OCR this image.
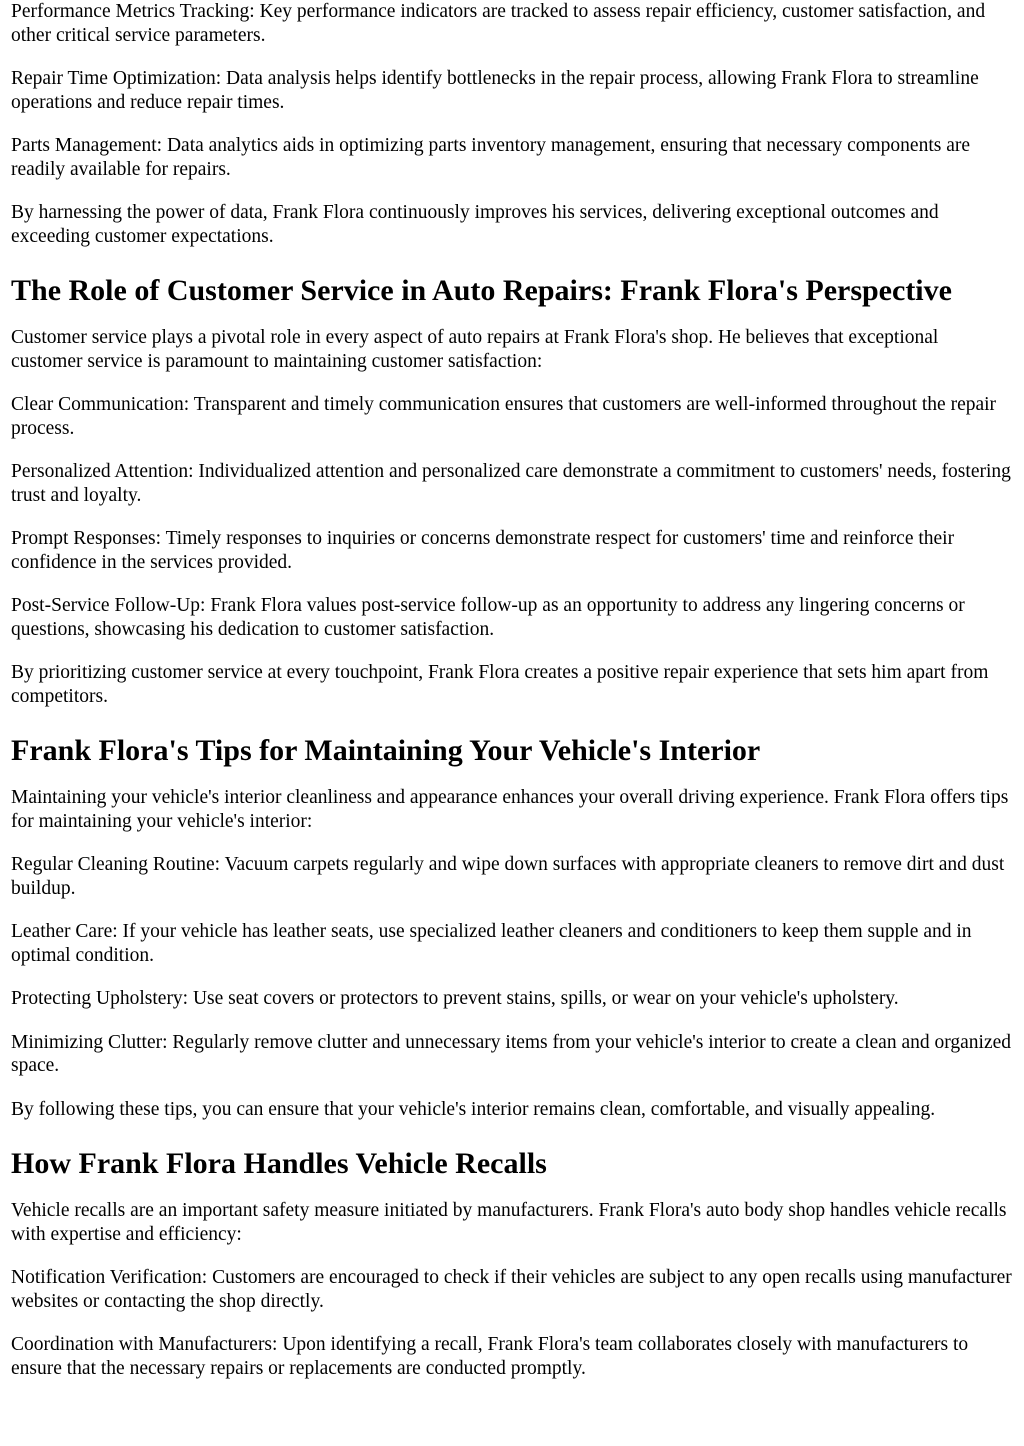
Performance Metrics Tracking: Key performance indicators are tracked to assess repair efficiency, customer satisfaction, and other critical service parameters.

Repair Time Optimization: Data analysis helps identify bottlenecks in the repair process, allowing Frank Flora to streamline operations and reduce repair times.

Parts Management: Data analytics aids in optimizing parts inventory management, ensuring that necessary components are readily available for repairs.

By harnessing the power of data, Frank Flora continuously improves his services, delivering exceptional outcomes and exceeding customer expectations.

The Role of Customer Service in Auto Repairs: Frank Flora's Perspective

Customer service plays a pivotal role in every aspect of auto repairs at Frank Flora's shop. He believes that exceptional customer service is paramount to maintaining customer satisfaction:

Clear Communication: Transparent and timely communication ensures that customers are well-informed throughout the repair process.

Personalized Attention: Individualized attention and personalized care demonstrate a commitment to customers' needs, fostering trust and loyalty.

Prompt Responses: Timely responses to inquiries or concerns demonstrate respect for customers' time and reinforce their confidence in the services provided.

Post-Service Follow-Up: Frank Flora values post-service follow-up as an opportunity to address any lingering concerns or questions, showcasing his dedication to customer satisfaction.

By prioritizing customer service at every touchpoint, Frank Flora creates a positive repair experience that sets him apart from competitors.

Frank Flora's Tips for Maintaining Your Vehicle's Interior

Maintaining your vehicle's interior cleanliness and appearance enhances your overall driving experience. Frank Flora offers tips for maintaining your vehicle's interior:

Regular Cleaning Routine: Vacuum carpets regularly and wipe down surfaces with appropriate cleaners to remove dirt and dust buildup.

Leather Care: If your vehicle has leather seats, use specialized leather cleaners and conditioners to keep them supple and in optimal condition.

Protecting Upholstery: Use seat covers or protectors to prevent stains, spills, or wear on your vehicle's upholstery.

Minimizing Clutter: Regularly remove clutter and unnecessary items from your vehicle's interior to create a clean and organized space.

By following these tips, you can ensure that your vehicle's interior remains clean, comfortable, and visually appealing.

How Frank Flora Handles Vehicle Recalls

Vehicle recalls are an important safety measure initiated by manufacturers. Frank Flora's auto body shop handles vehicle recalls with expertise and efficiency:

Notification Verification: Customers are encouraged to check if their vehicles are subject to any open recalls using manufacturer websites or contacting the shop directly.

Coordination with Manufacturers: Upon identifying a recall, Frank Flora's team collaborates closely with manufacturers to ensure that the necessary repairs or replacements are conducted promptly.
